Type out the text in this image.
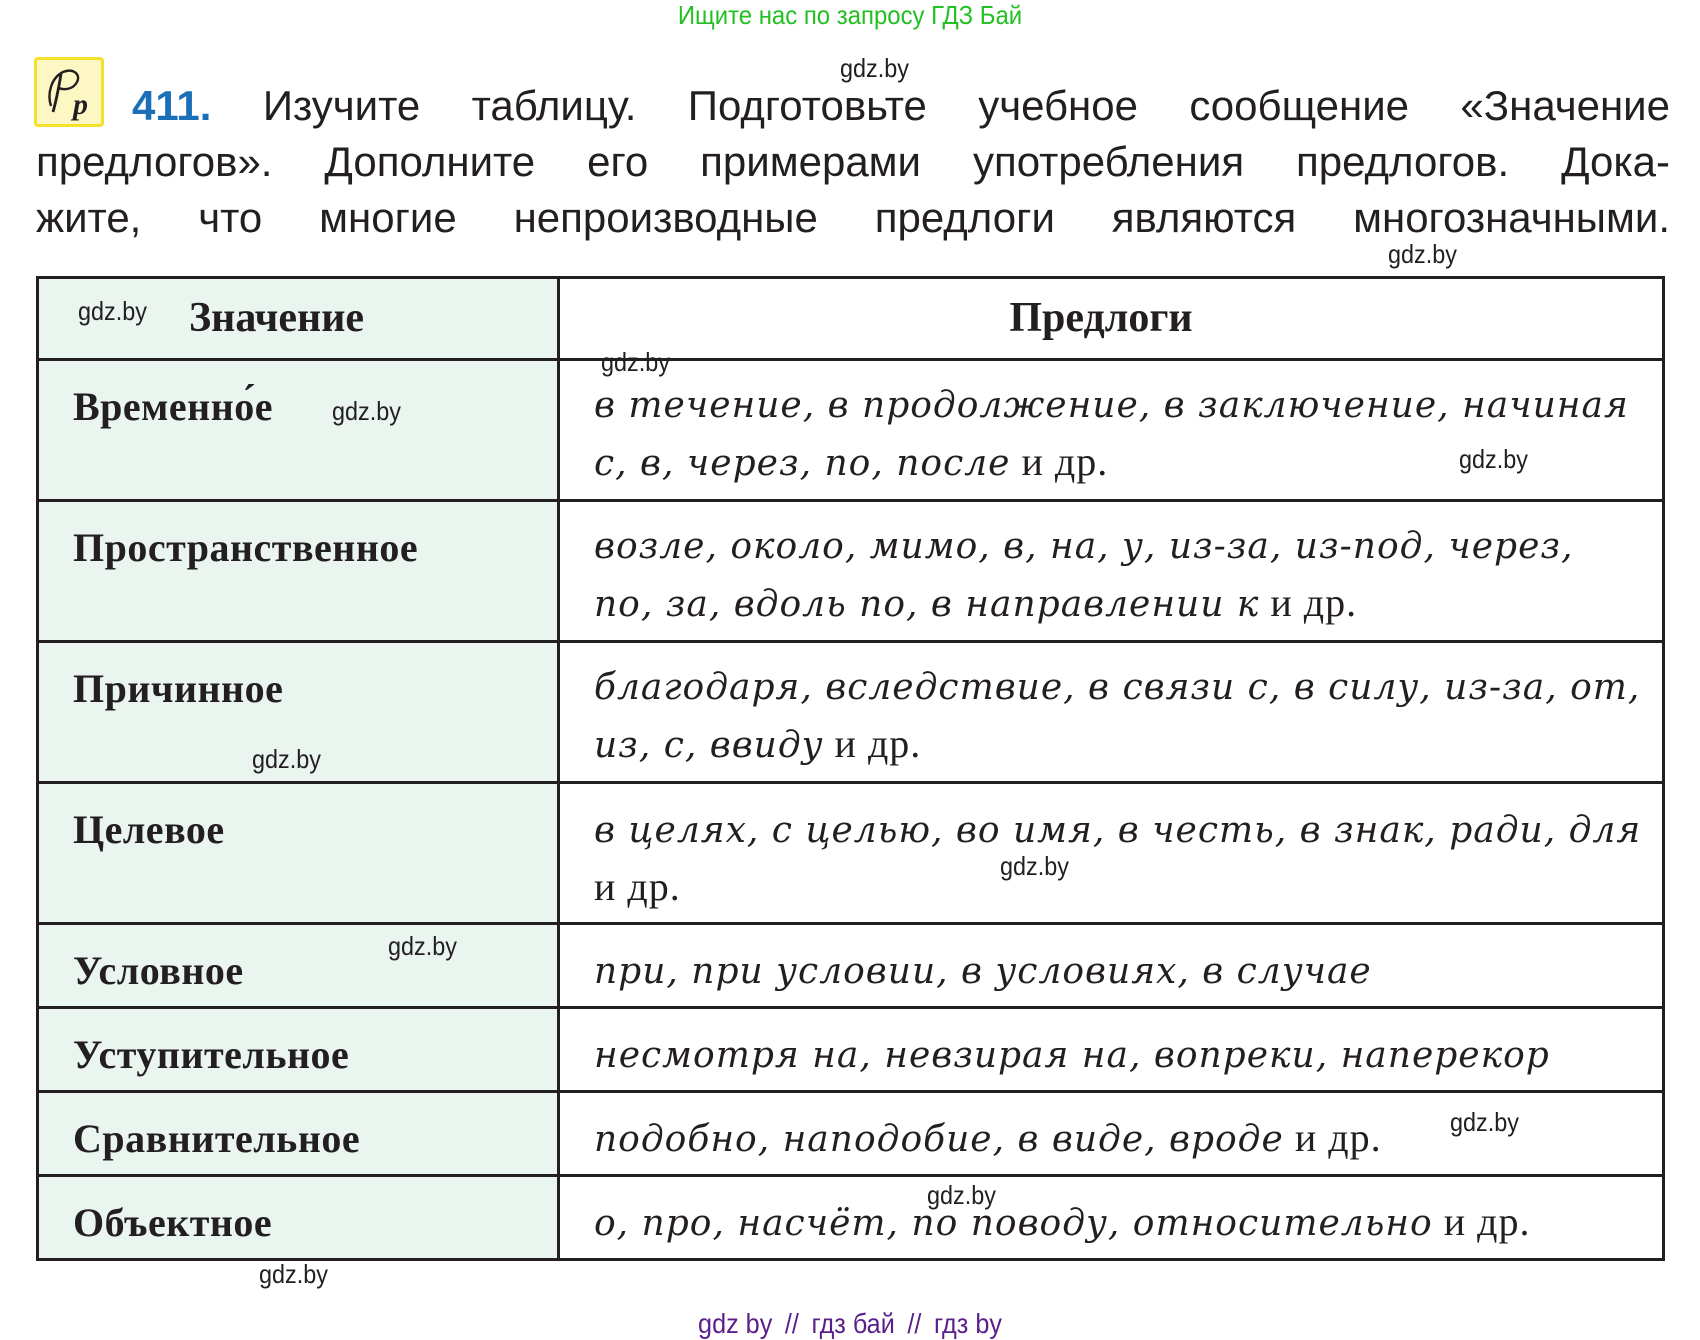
Ищите нас по запросу ГДЗ Бай
p	411. Изучите таблицу. Подготовьте учебное сообщение «Значение
предлогов». Дополните его примерами употребления предлогов. Дока-
жите, что многие непроизводные предлоги являются многозначными.
Значение	Предлоги

Временно́е	в течение, в продолжение, в заключение, начиная с, в, через, по, после и др.

Пространственное	возле, около, мимо, в, на, у, из-за, из-под, через, по, за, вдоль по, в направлении к и др.

Причинное	благодаря, вследствие, в связи с, в силу, из-за, от, из, с, ввиду и др.

Целевое	в целях, с целью, во имя, в честь, в знак, ради, для и др.

Условное	при, при условии, в условиях, в случае

Уступительное	несмотря на, невзирая на, вопреки, наперекор

Сравнительное	подобно, наподобие, в виде, вроде и др.

Объектное	о, про, насчёт, по поводу, относительно и др.
gdz.by
gdz.by
gdz.by
gdz.by
gdz.by
gdz.by
gdz.by
gdz.by
gdz.by
gdz.by
gdz.by
gdz.by
gdz by // гдз бай // гдз by
